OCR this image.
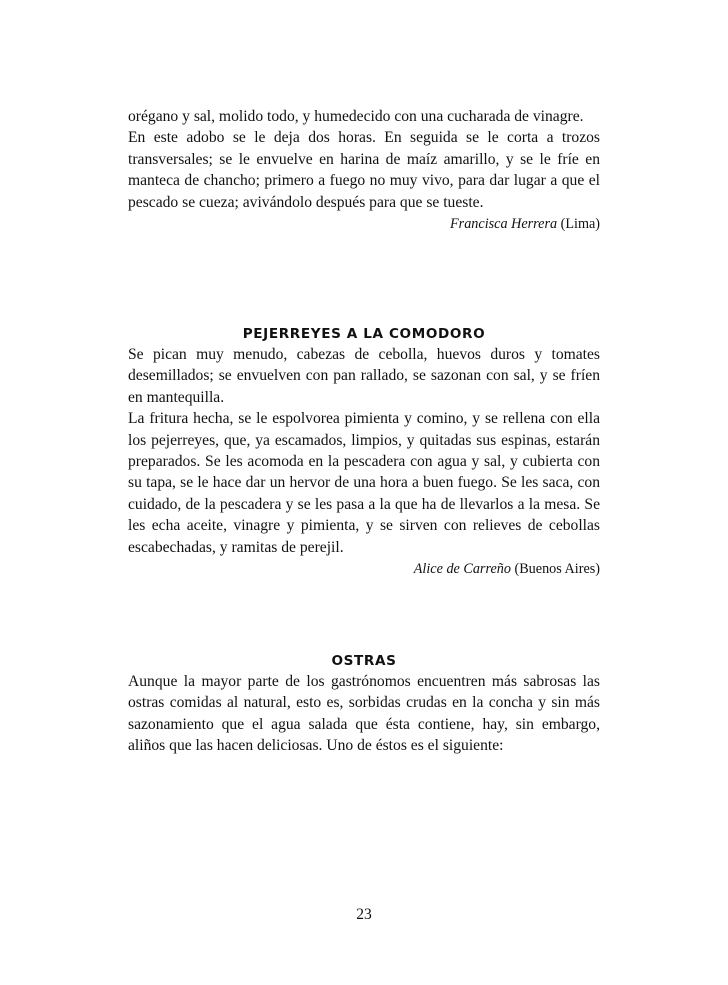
orégano y sal, molido todo, y humedecido con una cucharada de vinagre.

En este adobo se le deja dos horas. En seguida se le corta a trozos transversales; se le envuelve en harina de maíz amarillo, y se le fríe en manteca de chancho; primero a fuego no muy vivo, para dar lugar a que el pescado se cueza; avivándolo después para que se tueste.

Francisca Herrera (Lima)
PEJERREYES A LA COMODORO

Se pican muy menudo, cabezas de cebolla, huevos duros y tomates desemillados; se envuelven con pan rallado, se sazonan con sal, y se fríen en mantequilla.

La fritura hecha, se le espolvorea pimienta y comino, y se rellena con ella los pejerreyes, que, ya escamados, limpios, y quitadas sus espinas, estarán preparados. Se les acomoda en la pescadera con agua y sal, y cubierta con su tapa, se le hace dar un hervor de una hora a buen fuego. Se les saca, con cuidado, de la pescadera y se les pasa a la que ha de llevarlos a la mesa. Se les echa aceite, vinagre y pimienta, y se sirven con relieves de cebollas escabechadas, y ramitas de perejil.

Alice de Carreño (Buenos Aires)
OSTRAS

Aunque la mayor parte de los gastrónomos encuentren más sabrosas las ostras comidas al natural, esto es, sorbidas crudas en la concha y sin más sazonamiento que el agua salada que ésta contiene, hay, sin embargo, aliños que las hacen deliciosas. Uno de éstos es el siguiente:

23
